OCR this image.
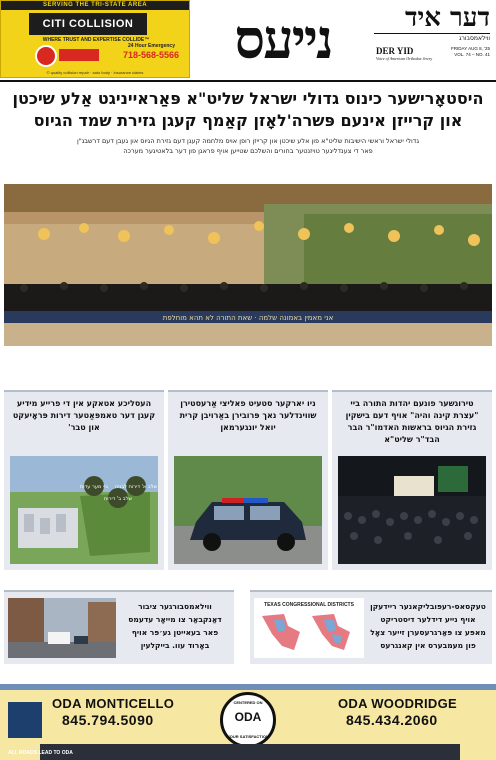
SERVING THE TRI-STATE AREA
CITI COLLISION
WHERE TRUST AND EXPERTISE COLLIDE™
24 Hour Emergency
718-568-5566
© quality collision repair · auto body · insurance claims
נייעס	דער איד
ווילאמסבורג
DER YID
Voice of American Orthodox Jewry
FRIDAY AUG 8, '25
VOL. 74 – NO. 41
היסטאָרישער כינוס גדולי ישראל שליט"א פּאַראייניגט אַלע שיכטן
און קרייזן אינעם פּשרה'לאָזן קאַמף קעגן גזירת שמד הגיוס
גדולי ישראל וראשי הישיבות שליט"א פון אלע שיכטן און קרייזן רופן אויס מלחמה קעגן דעם גזירת הגיוס און געבן דעם דרשבנ"ן
פאר די צענדליגער טויזנטער בחורים והשלכם שטייען אויף פראגן פון דער בלאטיגער מערכה
אני מאמין באמונה שלמה · שאת התורה לא תהא מוחלפת
העסליכע אטאקע אין די פרייע מידיע קעגן דער טאמפּאַטער דירות פּראָיעקט און טבר'
ביי מער עדות
שלב ב' דירות
שלב א' דירות לבניה
ניו יארקער סטעיט פאליצי אַרעסטירן שווינדלער נאך פּרובירן באַרויבן קרית יואל יונגערמאן
טירוגשער פונעם יהדות התורה ביי "עצרת קינה והיה" אויף דעם בישקין גזירת הגיוס בראשות האדמו"ר הבר הבד"ר שליט"א
ווילאמסבורגער ציבור דאַנקבאַר צו מייאָר עדעמס פאר בעאייטן גע׳פּר אויף באָרוד עוו. בייקלעין
TEXAS CONGRESSIONAL DISTRICTS טעקסאס-רעפּובליקאנער ריידעקן אויף נייע דידלער דיסטריקט מאפּע צו פּאַרגרעסערן זייער צאָל פון מעמבערס אין קאנגרעס
ODA MONTICELLO
845.794.5090
CENTERED ON
ODA
YOUR SATISFACTION
ODA WOODRIDGE
845.434.2060
ALL ROADS LEAD TO ODA
